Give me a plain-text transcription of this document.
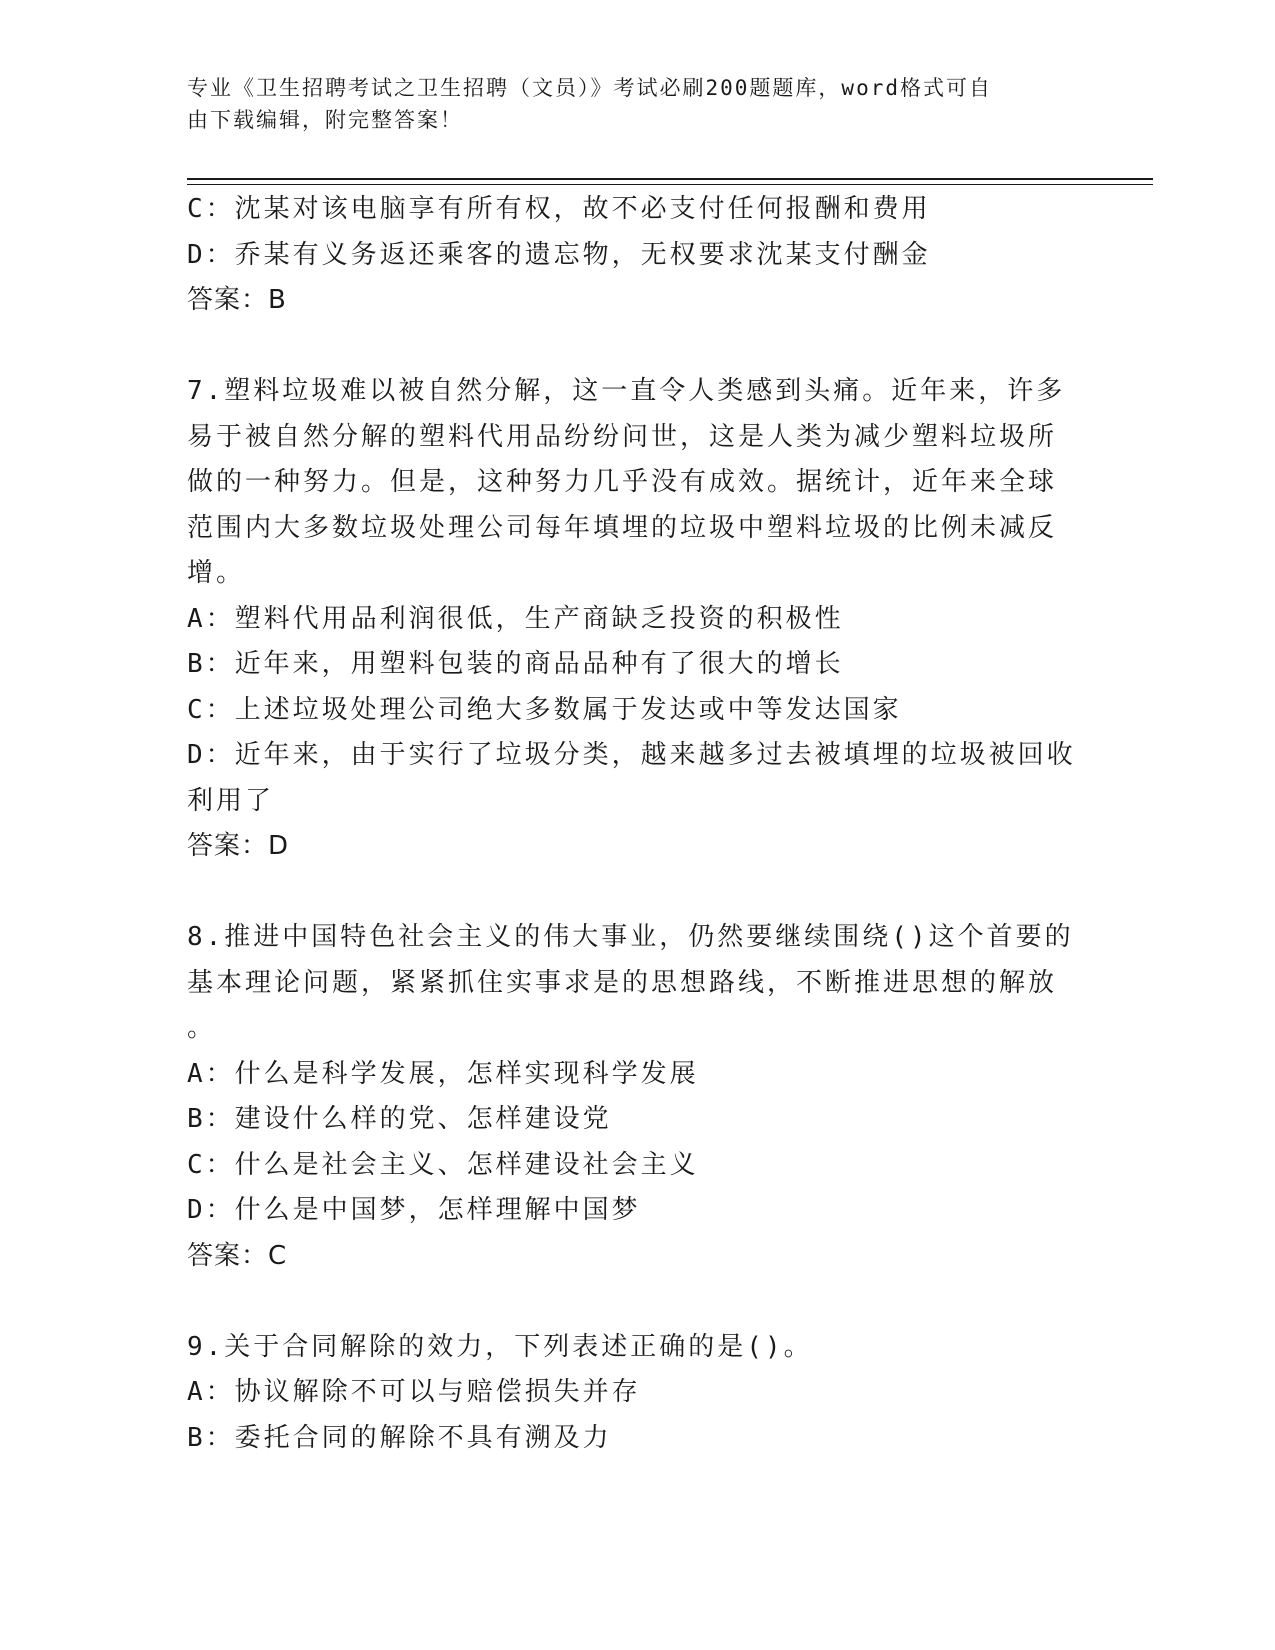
专业《卫生招聘考试之卫生招聘（文员）》考试必刷200题题库，word格式可自
由下载编辑，附完整答案！
C：沈某对该电脑享有所有权，故不必支付任何报酬和费用
D：乔某有义务返还乘客的遗忘物，无权要求沈某支付酬金
答案：B
7.塑料垃圾难以被自然分解，这一直令人类感到头痛。近年来，许多
易于被自然分解的塑料代用品纷纷问世，这是人类为减少塑料垃圾所
做的一种努力。但是，这种努力几乎没有成效。据统计，近年来全球
范围内大多数垃圾处理公司每年填埋的垃圾中塑料垃圾的比例未减反
增。
A：塑料代用品利润很低，生产商缺乏投资的积极性
B：近年来，用塑料包装的商品品种有了很大的增长
C：上述垃圾处理公司绝大多数属于发达或中等发达国家
D：近年来，由于实行了垃圾分类，越来越多过去被填埋的垃圾被回收
利用了
答案：D
8.推进中国特色社会主义的伟大事业，仍然要继续围绕()这个首要的
基本理论问题，紧紧抓住实事求是的思想路线，不断推进思想的解放
。
A：什么是科学发展，怎样实现科学发展
B：建设什么样的党、怎样建设党
C：什么是社会主义、怎样建设社会主义
D：什么是中国梦，怎样理解中国梦
答案：C
9.关于合同解除的效力，下列表述正确的是()。
A：协议解除不可以与赔偿损失并存
B：委托合同的解除不具有溯及力
